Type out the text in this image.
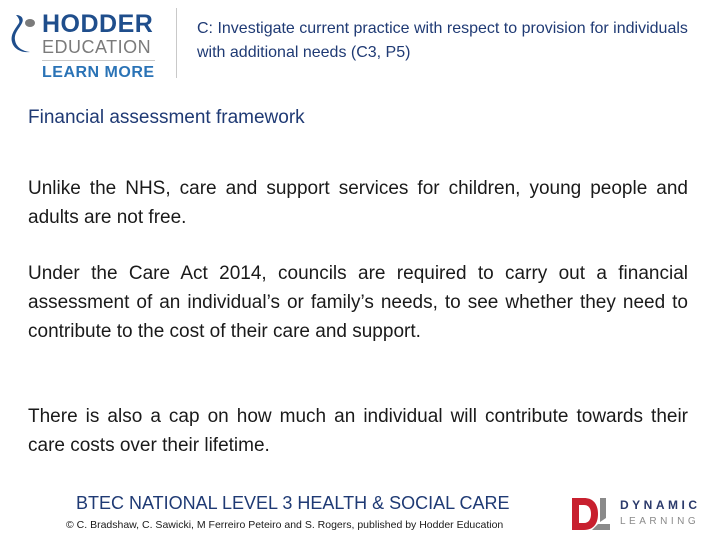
HODDER
EDUCATION
LEARN MORE
C: Investigate current practice with respect to provision for individuals with additional needs (C3, P5)
Financial assessment framework
Unlike the NHS, care and support services for children, young people and adults are not free.
Under the Care Act 2014, councils are required to carry out a financial assessment of an individual’s or family’s needs, to see whether they need to contribute to the cost of their care and support.
There is also a cap on how much an individual will contribute towards their care costs over their lifetime.
BTEC NATIONAL LEVEL 3 HEALTH & SOCIAL CARE
© C. Bradshaw, C. Sawicki, M Ferreiro Peteiro and S. Rogers, published by Hodder Education
DYNAMIC
LEARNING
